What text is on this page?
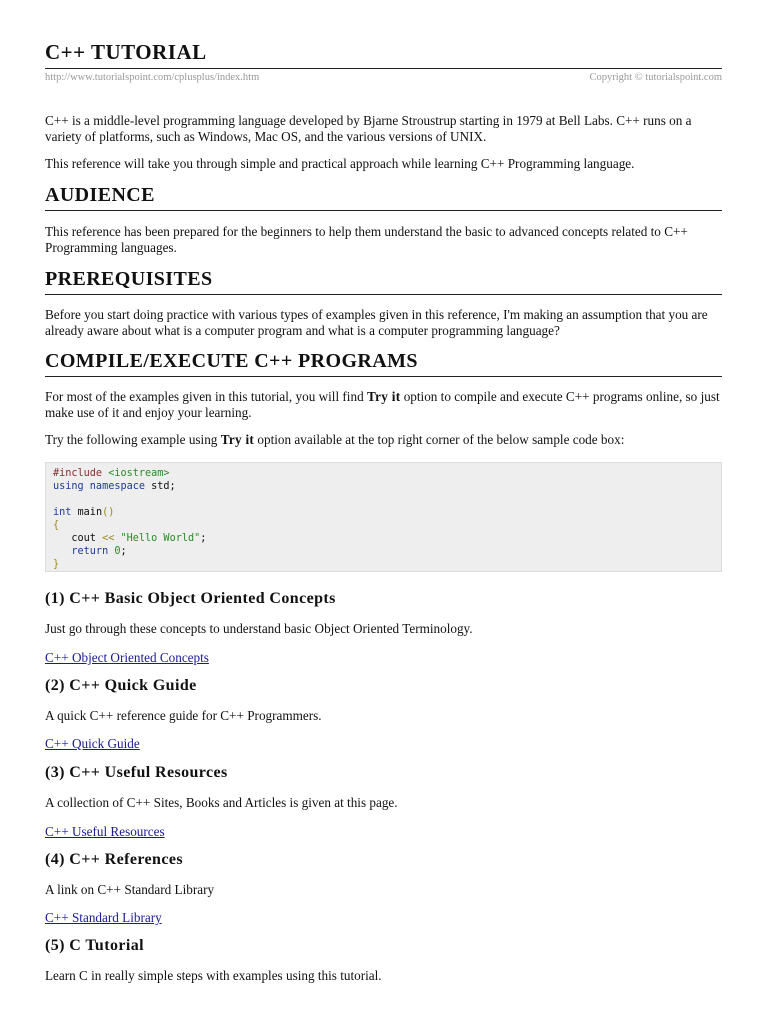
C++ TUTORIAL
http://www.tutorialspoint.com/cplusplus/index.htm	Copyright © tutorialspoint.com

C++ is a middle-level programming language developed by Bjarne Stroustrup starting in 1979 at Bell Labs. C++ runs on a variety of platforms, such as Windows, Mac OS, and the various versions of UNIX.

This reference will take you through simple and practical approach while learning C++ Programming language.

AUDIENCE

This reference has been prepared for the beginners to help them understand the basic to advanced concepts related to C++ Programming languages.

PREREQUISITES

Before you start doing practice with various types of examples given in this reference, I'm making an assumption that you are already aware about what is a computer program and what is a computer programming language?

COMPILE/EXECUTE C++ PROGRAMS

For most of the examples given in this tutorial, you will find Try it option to compile and execute C++ programs online, so just make use of it and enjoy your learning.

Try the following example using Try it option available at the top right corner of the below sample code box:

#include <iostream>
using namespace std;
int main()
{
cout << "Hello World";
return 0;
}
(1) C++ Basic Object Oriented Concepts

Just go through these concepts to understand basic Object Oriented Terminology.

C++ Object Oriented Concepts
(2) C++ Quick Guide

A quick C++ reference guide for C++ Programmers.

C++ Quick Guide
(3) C++ Useful Resources

A collection of C++ Sites, Books and Articles is given at this page.

C++ Useful Resources
(4) C++ References

A link on C++ Standard Library

C++ Standard Library
(5) C Tutorial

Learn C in really simple steps with examples using this tutorial.
